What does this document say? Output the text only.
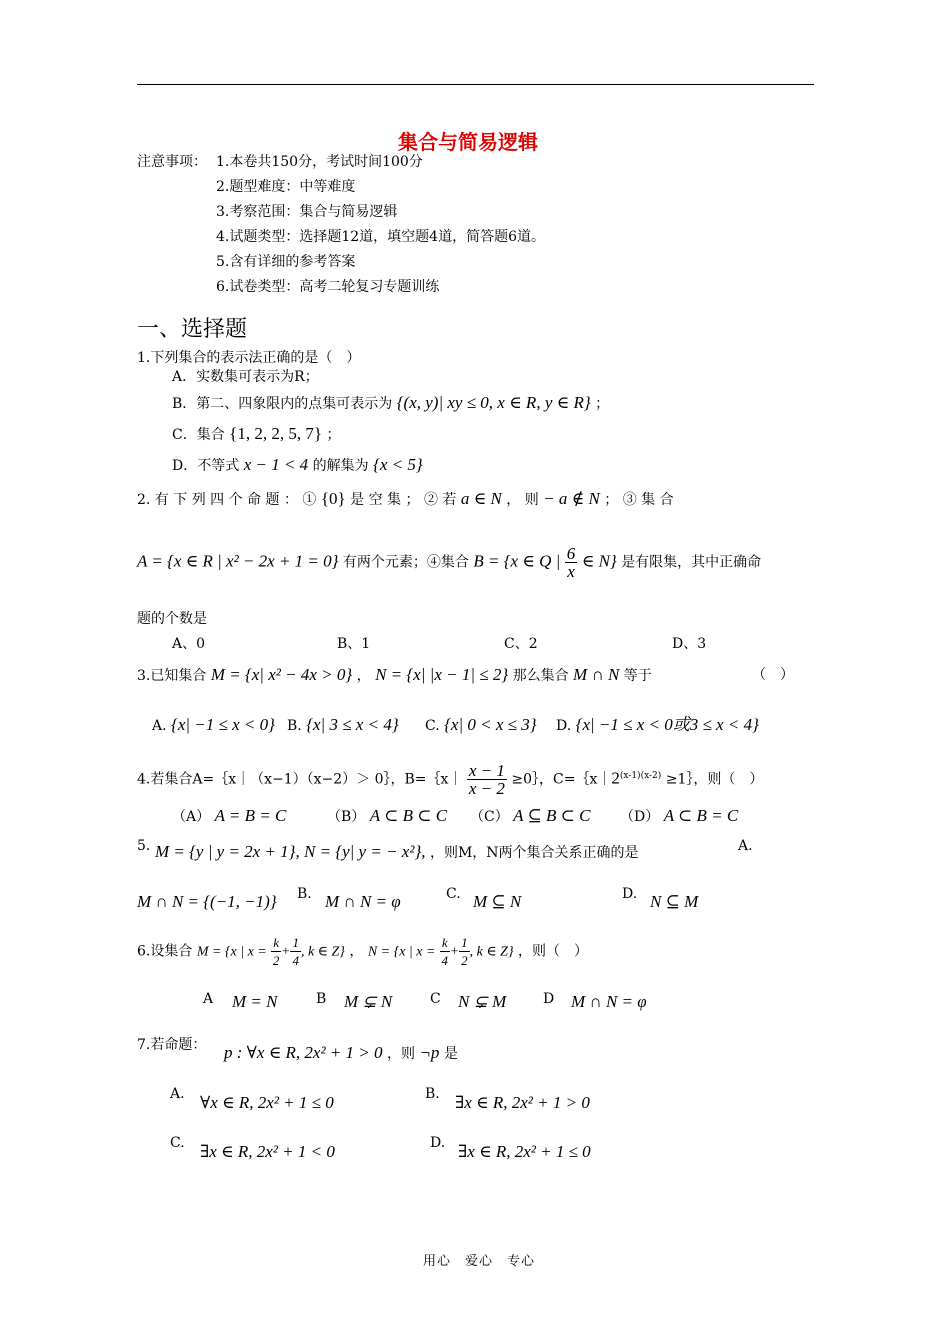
集合与简易逻辑
注意事项： 1.本卷共150分，考试时间100分
2.题型难度：中等难度
3.考察范围：集合与简易逻辑
4.试题类型：选择题12道，填空题4道，简答题6道。
5.含有详细的参考答案
6.试卷类型：高考二轮复习专题训练
一、选择题
1.下列集合的表示法正确的是（　）
A．实数集可表示为R；
B．第二、四象限内的点集可表示为 {(x, y)| xy ≤ 0, x ∈ R, y ∈ R} ；
C．集合 {1, 2, 2, 5, 7} ；
D．不等式 x − 1 < 4 的解集为 {x < 5}
2. 有 下 列 四 个 命 题 ： ① {0} 是 空 集 ； ② 若 a ∈ N ， 则 − a ∉ N ； ③ 集 合
A = {x ∈ R | x² − 2x + 1 = 0} 有两个元素；④集合 B = {x ∈ Q | $\frac{6}{x}$ ∈ N} 是有限集，其中正确命
题的个数是
A、0	B、1	C、2	D、3
3.已知集合 M = {x| x² − 4x > 0} ， N = {x| |x − 1| ≤ 2} 那么集合 M ∩ N 等于	（　）
A. {x| −1 ≤ x < 0} B. {x| 3 ≤ x < 4} C. {x| 0 < x ≤ 3} D. {x| −1 ≤ x < 0或3 ≤ x < 4}
4.若集合A=｛x｜（x−1）（x−2）＞ 0｝，B=｛x｜ $\frac{x - 1}{x - 2}$ ≥0｝，$C=\{x|2^{(x-1)(x-2)}$ ≥1｝，则（　）
（A） A = B = C	（B） A ⊂ B ⊂ C （C） A ⊆ B ⊂ C （D） A ⊂ B = C
5. M = {y | y = 2x + 1}, N = {y| y = − x²}, ，则M，N两个集合关系正确的是	A.
M ∩ N = {(−1, −1)} B. M ∩ N = φ	C. M ⊆ N	D. N ⊆ M
6.设集合 M = {x | $x = \frac{k}{2} + \frac{1}{4}$ , k ∈ Z} ， N = {x | $x = \frac{k}{4} + \frac{1}{2}$ , k ∈ Z} ，则（　）
A M = N	B M ⊊ N	C N ⊊ M	D M ∩ N = φ
7.若命题： p : ∀x ∈ R, 2x² + 1 > 0 ，则 ¬p 是
A. ∀x ∈ R, 2x² + 1 ≤ 0	B. ∃x ∈ R, 2x² + 1 > 0
C. ∃x ∈ R, 2x² + 1 < 0	D. ∃x ∈ R, 2x² + 1 ≤ 0
用心　爱心　专心
